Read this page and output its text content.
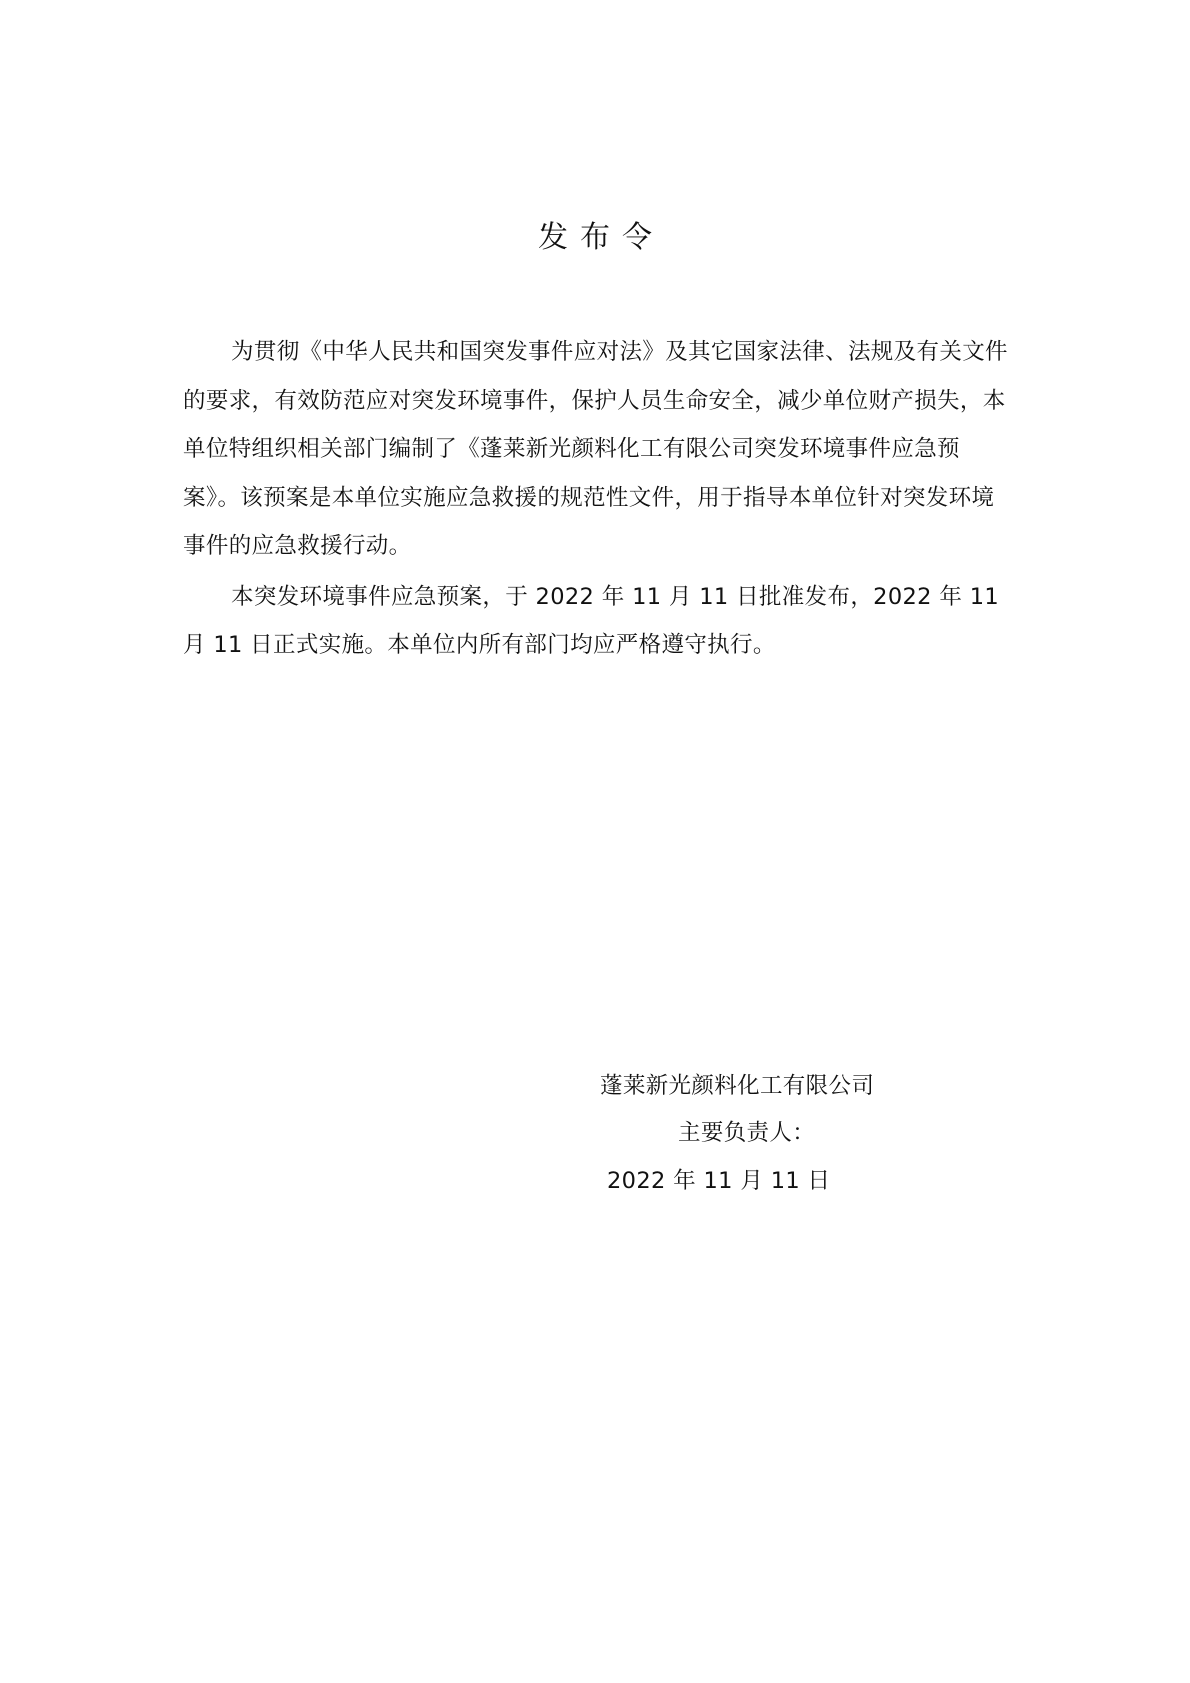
发布令

为贯彻《中华人民共和国突发事件应对法》及其它国家法律、法规及有关文件的要求，有效防范应对突发环境事件，保护人员生命安全，减少单位财产损失，本单位特组织相关部门编制了《蓬莱新光颜料化工有限公司突发环境事件应急预案》。该预案是本单位实施应急救援的规范性文件，用于指导本单位针对突发环境事件的应急救援行动。

本突发环境事件应急预案，于 2022 年 11 月 11 日批准发布，2022 年 11 月 11 日正式实施。本单位内所有部门均应严格遵守执行。

蓬莱新光颜料化工有限公司
主要负责人：
2022 年 11 月 11 日
